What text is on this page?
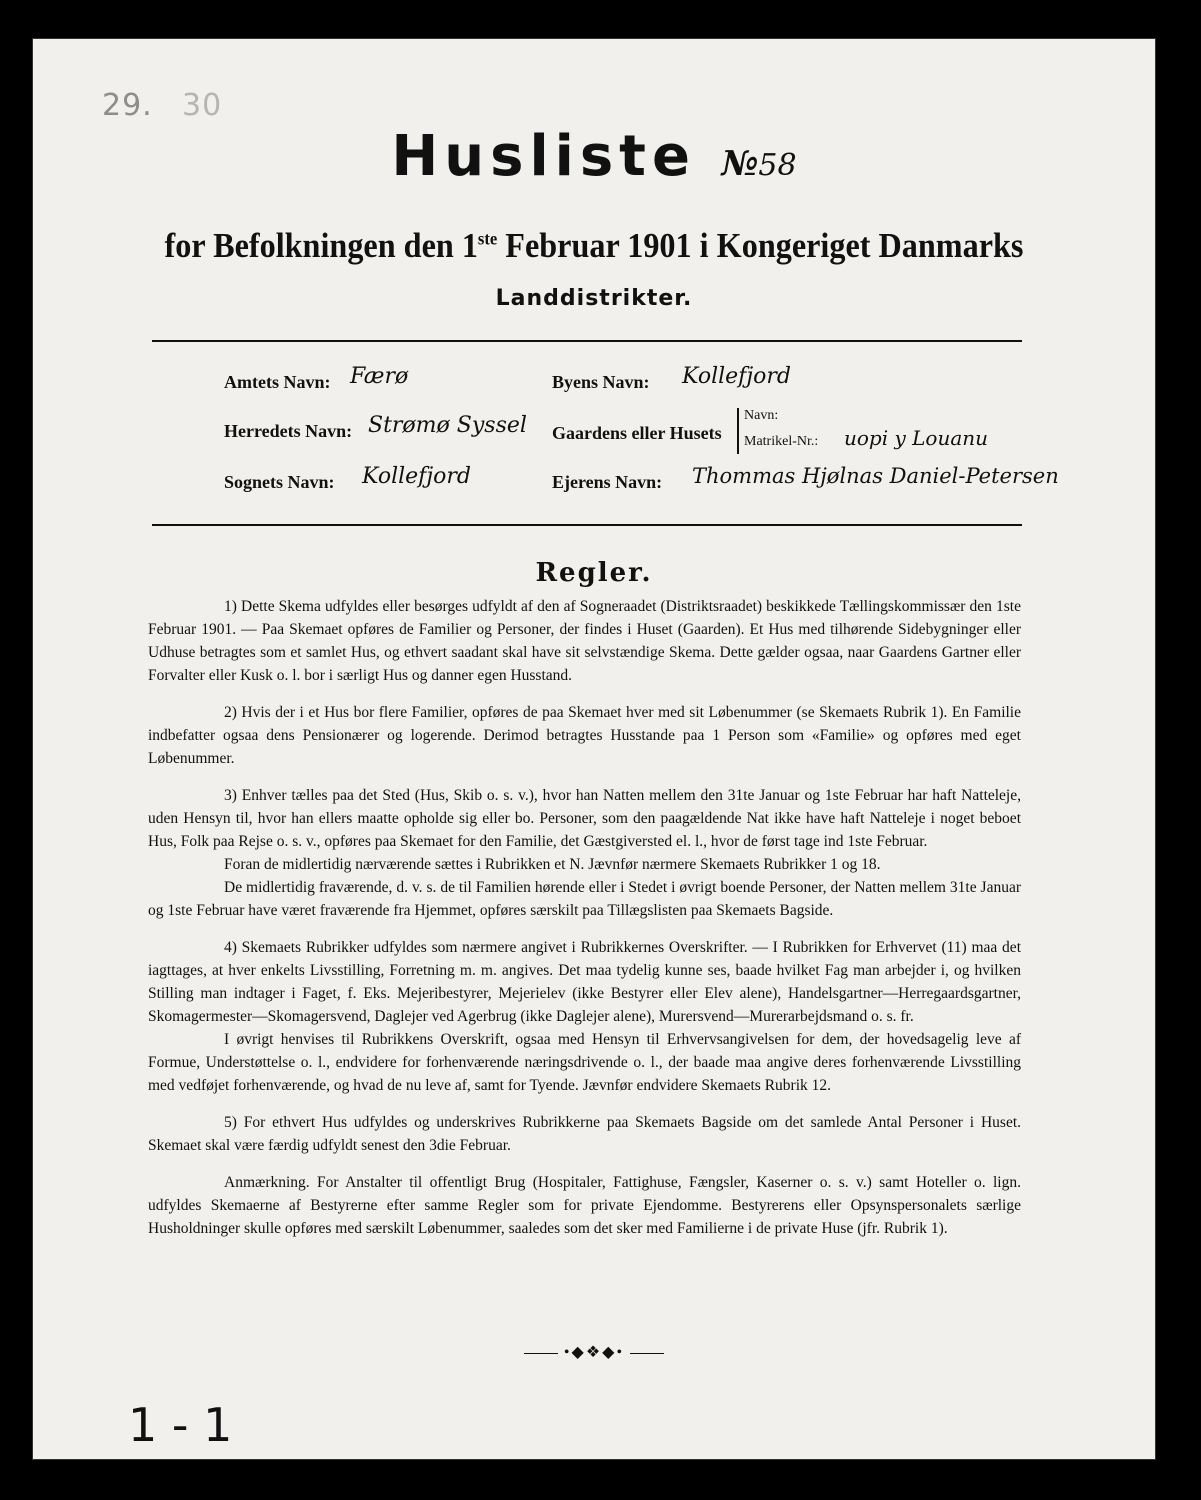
29. 30
Husliste №58
for Befolkningen den 1ste Februar 1901 i Kongeriget Danmarks
Landdistrikter.
Amtets Navn: Færø
Herredets Navn: Strømø Syssel
Sognets Navn: Kollefjord
Byens Navn: Kollefjord
Gaardens eller Husets
Navn:
Matrikel-Nr.: uopi y Louanu
Ejerens Navn: Thommas Hjølnas Daniel-Petersen
Regler.

1) Dette Skema udfyldes eller besørges udfyldt af den af Sogneraadet (Distriktsraadet) beskikkede Tællingskommissær den 1ste Februar 1901. — Paa Skemaet opføres de Familier og Personer, der findes i Huset (Gaarden). Et Hus med tilhørende Sidebygninger eller Udhuse betragtes som et samlet Hus, og ethvert saadant skal have sit selvstændige Skema. Dette gælder ogsaa, naar Gaardens Gartner eller Forvalter eller Kusk o. l. bor i særligt Hus og danner egen Husstand.

2) Hvis der i et Hus bor flere Familier, opføres de paa Skemaet hver med sit Løbenummer (se Skemaets Rubrik 1). En Familie indbefatter ogsaa dens Pensionærer og logerende. Derimod betragtes Husstande paa 1 Person som «Familie» og opføres med eget Løbenummer.

3) Enhver tælles paa det Sted (Hus, Skib o. s. v.), hvor han Natten mellem den 31te Januar og 1ste Februar har haft Natteleje, uden Hensyn til, hvor han ellers maatte opholde sig eller bo. Personer, som den paagældende Nat ikke have haft Natteleje i noget beboet Hus, Folk paa Rejse o. s. v., opføres paa Skemaet for den Familie, det Gæstgiversted el. l., hvor de først tage ind 1ste Februar.

Foran de midlertidig nærværende sættes i Rubrikken et N. Jævnfør nærmere Skemaets Rubrikker 1 og 18.

De midlertidig fraværende, d. v. s. de til Familien hørende eller i Stedet i øvrigt boende Personer, der Natten mellem 31te Januar og 1ste Februar have været fraværende fra Hjemmet, opføres særskilt paa Tillægslisten paa Skemaets Bagside.

4) Skemaets Rubrikker udfyldes som nærmere angivet i Rubrikkernes Overskrifter. — I Rubrikken for Erhvervet (11) maa det iagttages, at hver enkelts Livsstilling, Forretning m. m. angives. Det maa tydelig kunne ses, baade hvilket Fag man arbejder i, og hvilken Stilling man indtager i Faget, f. Eks. Mejeribestyrer, Mejerielev (ikke Bestyrer eller Elev alene), Handelsgartner—Herregaardsgartner, Skomagermester—Skomagersvend, Daglejer ved Agerbrug (ikke Daglejer alene), Murersvend—Murerarbejdsmand o. s. fr.

I øvrigt henvises til Rubrikkens Overskrift, ogsaa med Hensyn til Erhvervsangivelsen for dem, der hovedsagelig leve af Formue, Understøttelse o. l., endvidere for forhenværende næringsdrivende o. l., der baade maa angive deres forhenværende Livsstilling med vedføjet forhenværende, og hvad de nu leve af, samt for Tyende. Jævnfør endvidere Skemaets Rubrik 12.

5) For ethvert Hus udfyldes og underskrives Rubrikkerne paa Skemaets Bagside om det samlede Antal Personer i Huset. Skemaet skal være færdig udfyldt senest den 3die Februar.

Anmærkning. For Anstalter til offentligt Brug (Hospitaler, Fattighuse, Fængsler, Kaserner o. s. v.) samt Hoteller o. lign. udfyldes Skemaerne af Bestyrerne efter samme Regler som for private Ejendomme. Bestyrerens eller Opsynspersonalets særlige Husholdninger skulle opføres med særskilt Løbenummer, saaledes som det sker med Familierne i de private Huse (jfr. Rubrik 1).

•◆❖◆•
1 - 1
